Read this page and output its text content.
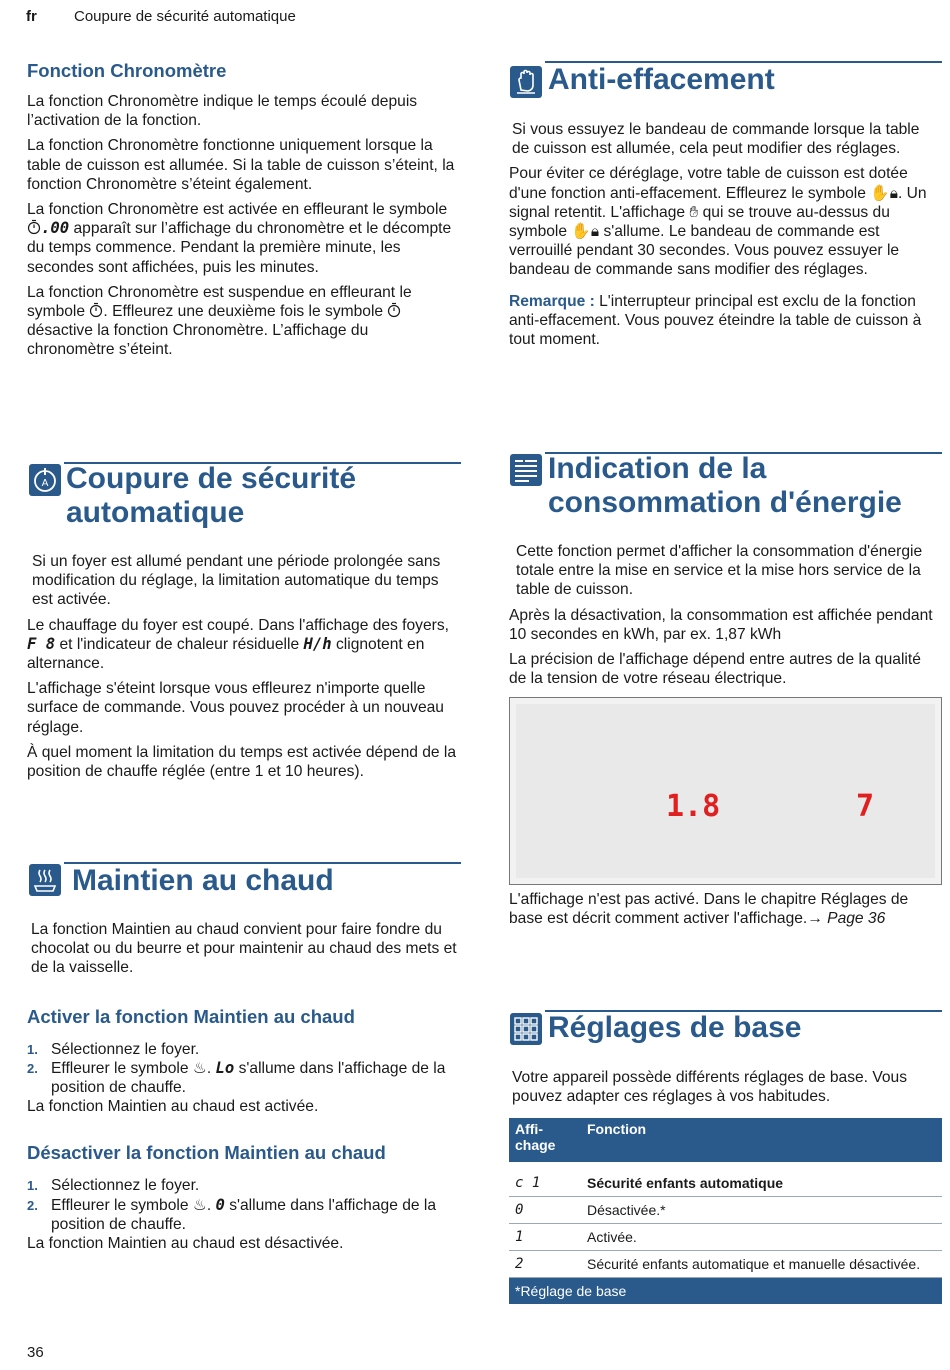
fr Coupure de sécurité automatique
Fonction Chronomètre

La fonction Chronomètre indique le temps écoulé depuis l’activation de la fonction.

La fonction Chronomètre fonctionne uniquement lorsque la table de cuisson est allumée. Si la table de cuisson s’éteint, la fonction Chronomètre s’éteint également.

La fonction Chronomètre est activée en effleurant le symbole .00 apparaît sur l’affichage du chronomètre et le décompte du temps commence. Pendant la première minute, les secondes sont affichées, puis les minutes.

La fonction Chronomètre est suspendue en effleurant le symbole . Effleurez une deuxième fois le symbole  désactive la fonction Chronomètre. L’affichage du chronomètre s’éteint.

Anti-effacement

Si vous essuyez le bandeau de commande lorsque la table de cuisson est allumée, cela peut modifier des réglages.

Pour éviter ce déréglage, votre table de cuisson est dotée d'une fonction anti-effacement. Effleurez le symbole ✋🔒︎. Un signal retentit. L'affichage ✋︎ qui se trouve au-dessus du symbole ✋🔒︎ s'allume. Le bandeau de commande est verrouillé pendant 30 secondes. Vous pouvez essuyer le bandeau de commande sans modifier des réglages.

Remarque : L'interrupteur principal est exclu de la fonction anti-effacement. Vous pouvez éteindre la table de cuisson à tout moment.

A Coupure de sécurité
automatique

Si un foyer est allumé pendant une période prolongée sans modification du réglage, la limitation automatique du temps est activée.

Le chauffage du foyer est coupé. Dans l'affichage des foyers, F 8 et l'indicateur de chaleur résiduelle H/h clignotent en alternance.

L'affichage s'éteint lorsque vous effleurez n'importe quelle surface de commande. Vous pouvez procéder à un nouveau réglage.

À quel moment la limitation du temps est activée dépend de la position de chauffe réglée (entre 1 et 10 heures).

Indication de la
consommation d'énergie

Cette fonction permet d'afficher la consommation d'énergie totale entre la mise en service et la mise hors service de la table de cuisson.

Après la désactivation, la consommation est affichée pendant 10 secondes en kWh, par ex. 1,87 kWh

La précision de l'affichage dépend entre autres de la qualité de la tension de votre réseau électrique.

1.8	7

L'affichage n'est pas activé. Dans le chapitre Réglages de base est décrit comment activer l'affichage.→ Page 36

Maintien au chaud

La fonction Maintien au chaud convient pour faire fondre du chocolat ou du beurre et pour maintenir au chaud des mets et de la vaisselle.

Activer la fonction Maintien au chaud
1. Sélectionnez le foyer.
2. Effleurer le symbole ♨︎. Lo s'allume dans l'affichage de la position de chauffe.

La fonction Maintien au chaud est activée.

Désactiver la fonction Maintien au chaud
1. Sélectionnez le foyer.
2. Effleurer le symbole ♨︎. 0 s'allume dans l'affichage de la position de chauffe.

La fonction Maintien au chaud est désactivée.

Réglages de base

Votre appareil possède différents réglages de base. Vous pouvez adapter ces réglages à vos habitudes.

Affi-
chage	Fonction

c 1	Sécurité enfants automatique
0	Désactivée.*
1	Activée.
2	Sécurité enfants automatique et manuelle désactivée.
*Réglage de base	
36
